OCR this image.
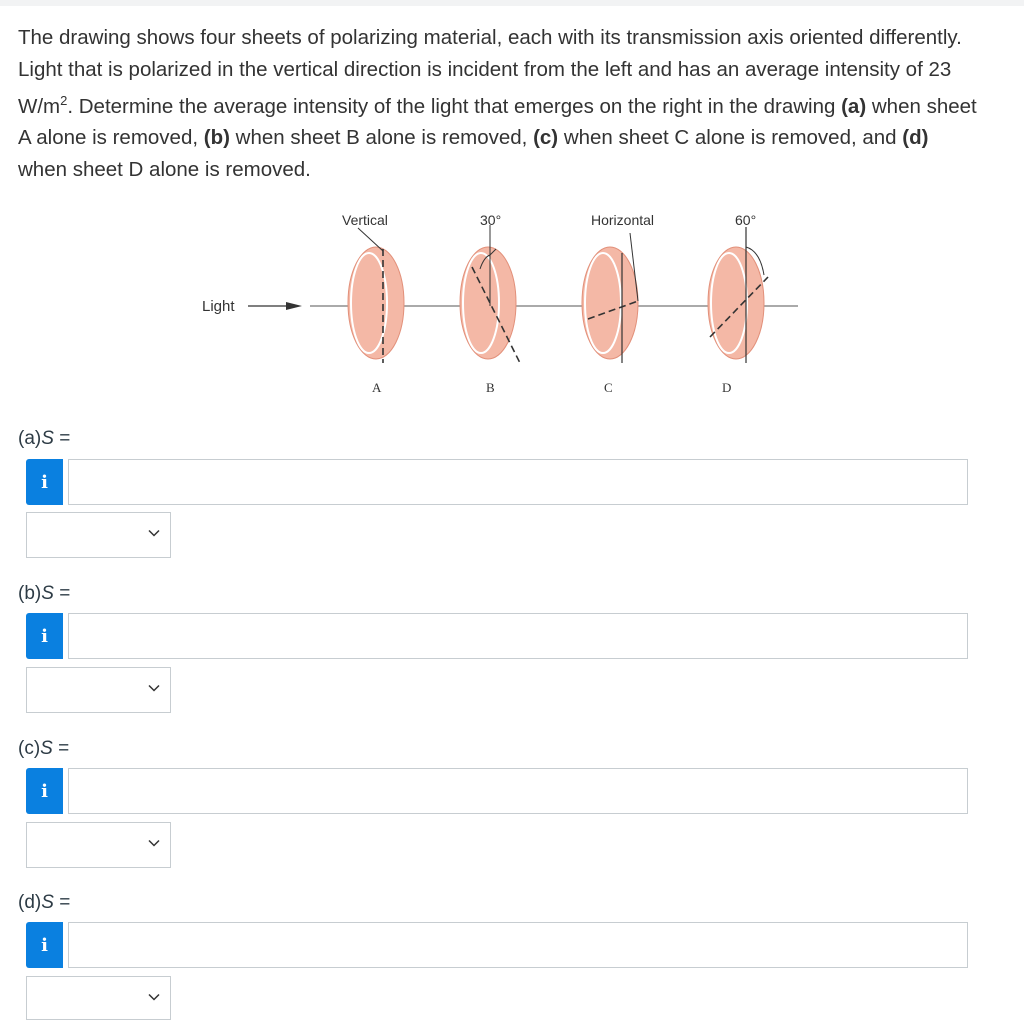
The drawing shows four sheets of polarizing material, each with its transmission axis oriented differently. Light that is polarized in the vertical direction is incident from the left and has an average intensity of 23 $W/m^2$. Determine the average intensity of the light that emerges on the right in the drawing (a) when sheet A alone is removed, (b) when sheet B alone is removed, (c) when sheet C alone is removed, and (d) when sheet D alone is removed.
Light
Vertical	30°	Horizontal	60°
A	B	C	D
(a)S =
i
(b)S =
i
(c)S =
i
(d)S =
i
